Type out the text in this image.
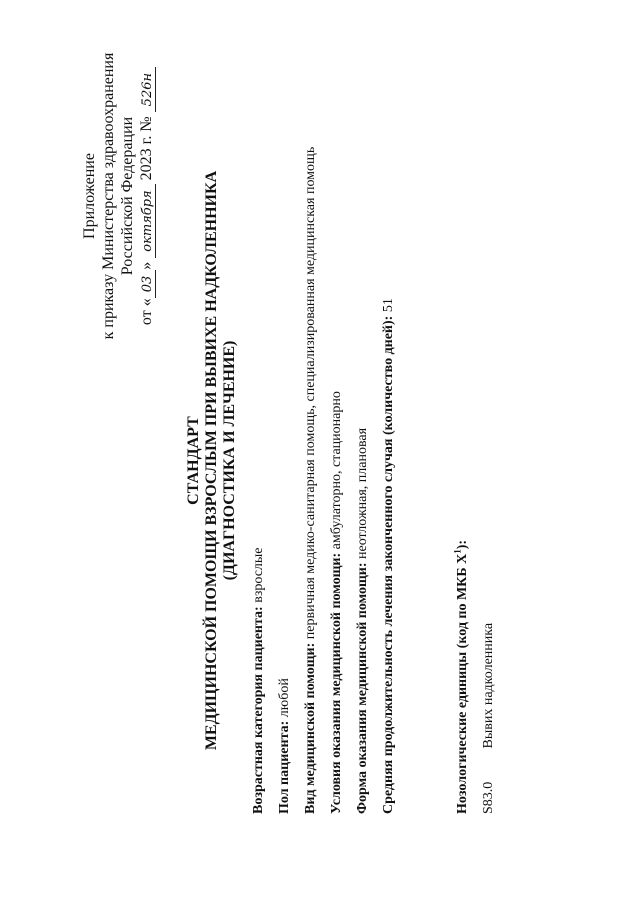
Приложение к приказу Министерства здравоохранения Российской Федерации
от «03» октября 2023 г. № 526н
СТАНДАРТ МЕДИЦИНСКОЙ ПОМОЩИ ВЗРОСЛЫМ ПРИ ВЫВИХЕ НАДКОЛЕННИКА (ДИАГНОСТИКА И ЛЕЧЕНИЕ)
Возрастная категория пациента: взрослые
Пол пациента: любой Вид медицинской помощи: первичная медико-санитарная помощь, специализированная медицинская помощь
Условия оказания медицинской помощи: амбулаторно, стационарно
Форма оказания медицинской помощи: неотложная, плановая Средняя продолжительность лечения законченного случая (количество дней): 51
Нозологические единицы (код по МКБ $X^1$):
S83.0 Вывих надколенника
